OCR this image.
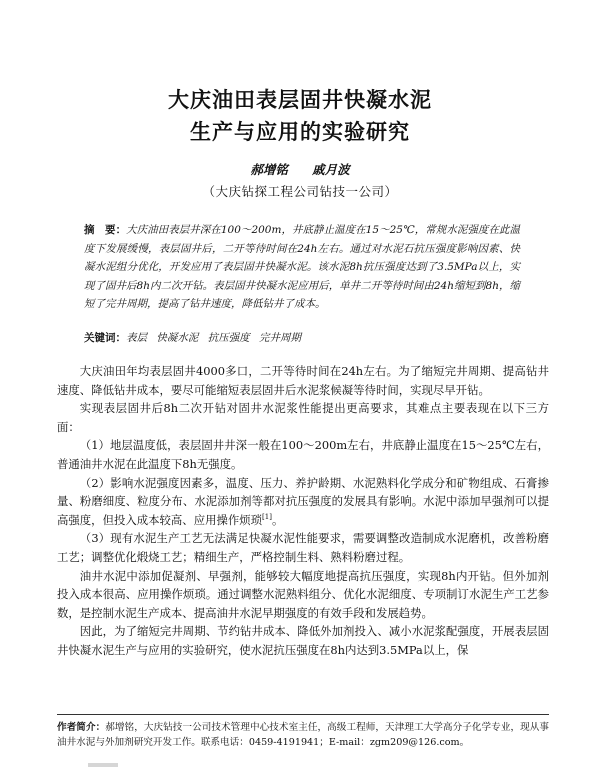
大庆油田表层固井快凝水泥
生产与应用的实验研究
郝增铭 戚月波
（大庆钻探工程公司钻技一公司）
摘　要：大庆油田表层井深在100～200m，井底静止温度在15～25℃，常规水泥强度在此温度下发展缓慢，表层固井后，二开等待时间在24h左右。通过对水泥石抗压强度影响因素、快凝水泥组分优化，开发应用了表层固井快凝水泥。该水泥8h抗压强度达到了3.5MPa以上，实现了固井后8h内二次开钻。表层固井快凝水泥应用后，单井二开等待时间由24h缩短到8h，缩短了完井周期，提高了钻井速度，降低钻井了成本。
关键词：表层 快凝水泥 抗压强度 完井周期

大庆油田年均表层固井4000多口，二开等待时间在24h左右。为了缩短完井周期、提高钻井速度、降低钻井成本，要尽可能缩短表层固井后水泥浆候凝等待时间，实现尽早开钻。

实现表层固井后8h二次开钻对固井水泥浆性能提出更高要求，其难点主要表现在以下三方面：

（1）地层温度低，表层固井井深一般在100～200m左右，井底静止温度在15～25℃左右，普通油井水泥在此温度下8h无强度。

（2）影响水泥强度因素多，温度、压力、养护龄期、水泥熟料化学成分和矿物组成、石膏掺量、粉磨细度、粒度分布、水泥添加剂等都对抗压强度的发展具有影响。水泥中添加早强剂可以提高强度，但投入成本较高、应用操作烦琐[1]。

（3）现有水泥生产工艺无法满足快凝水泥性能要求，需要调整改造制成水泥磨机，改善粉磨工艺；调整优化煅烧工艺；精细生产，严格控制生料、熟料粉磨过程。

油井水泥中添加促凝剂、早强剂，能够较大幅度地提高抗压强度，实现8h内开钻。但外加剂投入成本很高、应用操作烦琐。通过调整水泥熟料组分、优化水泥细度、专项制订水泥生产工艺参数，是控制水泥生产成本、提高油井水泥早期强度的有效手段和发展趋势。

因此，为了缩短完井周期、节约钻井成本、降低外加剂投入、减小水泥浆配强度，开展表层固井快凝水泥生产与应用的实验研究，使水泥抗压强度在8h内达到3.5MPa以上，保

作者简介：郝增铭，大庆钻技一公司技术管理中心技术室主任，高级工程师，天津理工大学高分子化学专业，现从事油井水泥与外加剂研究开发工作。联系电话：0459-4191941；E-mail：zgm209@126.com。
